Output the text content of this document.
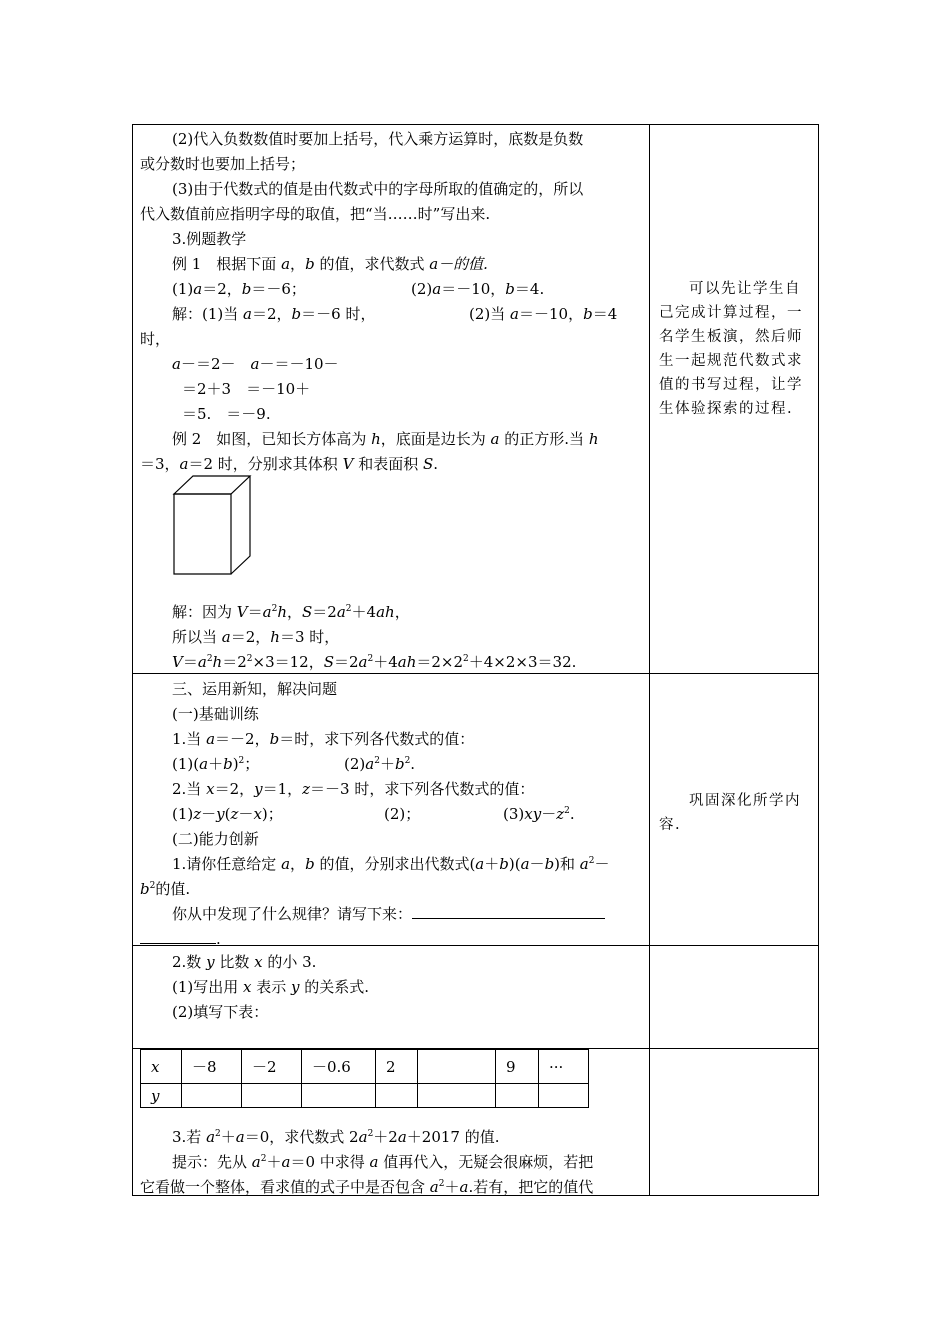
(2)代入负数数值时要加上括号，代入乘方运算时，底数是负数
或分数时也要加上括号；
(3)由于代数式的值是由代数式中的字母所取的值确定的，所以
代入数值前应指明字母的取值，把“当……时”写出来.
3.例题教学
例 1　根据下面 a，b 的值，求代数式 a－的值.
(1)a＝2，b＝－6；	(2)a＝－10，b＝4.
解：(1)当 a＝2，b＝－6 时，	(2)当 a＝－10，b＝4
时，
a－＝2－　a－＝－10－
＝2＋3　＝－10＋
＝5.　＝－9.
例 2　如图，已知长方体高为 h，底面是边长为 a 的正方形.当 h
＝3，a＝2 时，分别求其体积 V 和表面积 S.
解：因为 $V=a^2h$，$S=2a^2+4ah$，
所以当 a＝2，h＝3 时，
$V=a^2h=2^2\times 3=12$，$S=2a^2+4ah=2\times 2^2+4\times 2\times 3=32$.
可以先让学生自己完成计算过程，一名学生板演，然后师生一起规范代数式求值的书写过程，让学生体验探索的过程.
三、运用新知，解决问题
(一)基础训练
1.当 a＝－2，b＝时，求下列各代数式的值：
$(1)(a+b)^2$；	$(2)a^2+b^2$.
2.当 x＝2，y＝1，z＝－3 时，求下列各代数式的值：
(1)z－y(z－x)；	(2)；	$(3)xy-z^2$.
(二)能力创新
1.请你任意给定 a，b 的值，分别求出代数式(a＋b)(a－b)和 $a^2-$
$b^2$的值.
你从中发现了什么规律？请写下来：
.
巩固深化所学内容.
2.数 y 比数 x 的小 3.
(1)写出用 x 表示 y 的关系式.
(2)填写下表：
x	－8	－2	－0.6	2		9	···
y							
3.若 $a^2+a=0$，求代数式 $2a^2+2a+2017$ 的值.
提示：先从 $a^2+a=0$ 中求得 a 值再代入，无疑会很麻烦，若把
它看做一个整体，看求值的式子中是否包含 $a^2+a$.若有，把它的值代
